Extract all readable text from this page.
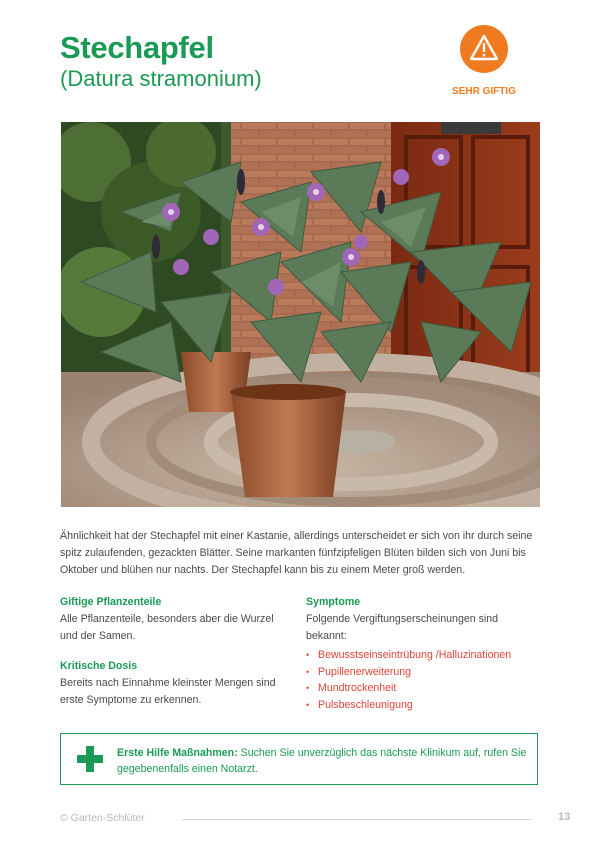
Stechapfel
(Datura stramonium)
SEHR GIFTIG
Ähnlichkeit hat der Stechapfel mit einer Kastanie, allerdings unterscheidet er sich von ihr durch seine spitz zulaufenden, gezackten Blätter. Seine markanten fünfzipfeligen Blüten bilden sich von Juni bis Oktober und blühen nur nachts. Der Stechapfel kann bis zu einem Meter groß werden.
Giftige Pflanzenteile
Alle Pflanzenteile, besonders aber die Wurzel und der Samen.
Kritische Dosis
Bereits nach Einnahme kleinster Mengen sind erste Symptome zu erkennen.
Symptome
Folgende Vergiftungserscheinungen sind bekannt:
• Bewusstseinseintrübung /Halluzinationen
• Pupillenerweiterung
• Mundtrockenheit
• Pulsbeschleunigung
Erste Hilfe Maßnahmen: Suchen Sie unverzüglich das nächste Klinikum auf, rufen Sie gegebenenfalls einen Notarzt.
© Garten-Schlüter	13
